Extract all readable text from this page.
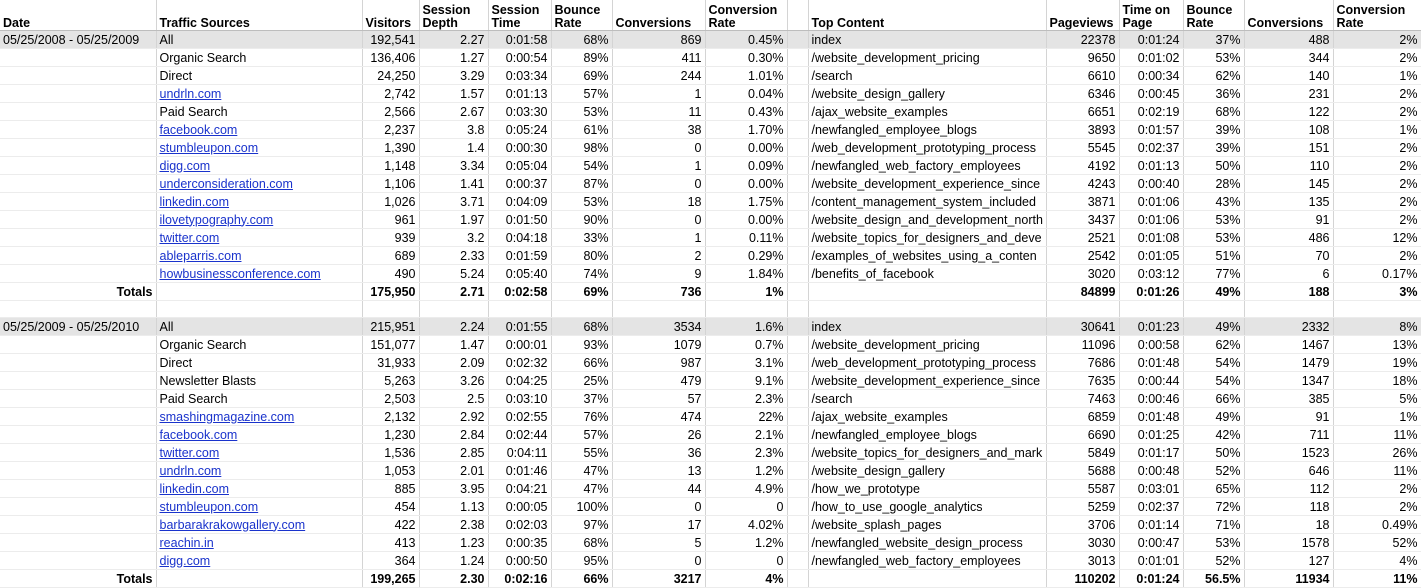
Date	Traffic Sources	Visitors	Session Depth	Session Time	Bounce Rate	Conversions	Conversion Rate		Top Content	Pageviews	Time on Page	Bounce Rate	Conversions	Conversion Rate
05/25/2008 - 05/25/2009	All	192,541	2.27	0:01:58	68%	869	0.45%		index	22378	0:01:24	37%	488	2%
	Organic Search	136,406	1.27	0:00:54	89%	411	0.30%		/website_development_pricing	9650	0:01:02	53%	344	2%
	Direct	24,250	3.29	0:03:34	69%	244	1.01%		/search	6610	0:00:34	62%	140	1%
	undrln.com	2,742	1.57	0:01:13	57%	1	0.04%		/website_design_gallery	6346	0:00:45	36%	231	2%
	Paid Search	2,566	2.67	0:03:30	53%	11	0.43%		/ajax_website_examples	6651	0:02:19	68%	122	2%
	facebook.com	2,237	3.8	0:05:24	61%	38	1.70%		/newfangled_employee_blogs	3893	0:01:57	39%	108	1%
	stumbleupon.com	1,390	1.4	0:00:30	98%	0	0.00%		/web_development_prototyping_process	5545	0:02:37	39%	151	2%
	digg.com	1,148	3.34	0:05:04	54%	1	0.09%		/newfangled_web_factory_employees	4192	0:01:13	50%	110	2%
	underconsideration.com	1,106	1.41	0:00:37	87%	0	0.00%		/website_development_experience_since	4243	0:00:40	28%	145	2%
	linkedin.com	1,026	3.71	0:04:09	53%	18	1.75%		/content_management_system_included	3871	0:01:06	43%	135	2%
	ilovetypography.com	961	1.97	0:01:50	90%	0	0.00%		/website_design_and_development_north	3437	0:01:06	53%	91	2%
	twitter.com	939	3.2	0:04:18	33%	1	0.11%		/website_topics_for_designers_and_deve	2521	0:01:08	53%	486	12%
	ableparris.com	689	2.33	0:01:59	80%	2	0.29%		/examples_of_websites_using_a_conten	2542	0:01:05	51%	70	2%
	howbusinessconference.com	490	5.24	0:05:40	74%	9	1.84%		/benefits_of_facebook	3020	0:03:12	77%	6	0.17%
Totals		175,950	2.71	0:02:58	69%	736	1%			84899	0:01:26	49%	188	3%

05/25/2009 - 05/25/2010	All	215,951	2.24	0:01:55	68%	3534	1.6%		index	30641	0:01:23	49%	2332	8%
	Organic Search	151,077	1.47	0:00:01	93%	1079	0.7%		/website_development_pricing	11096	0:00:58	62%	1467	13%
	Direct	31,933	2.09	0:02:32	66%	987	3.1%		/web_development_prototyping_process	7686	0:01:48	54%	1479	19%
	Newsletter Blasts	5,263	3.26	0:04:25	25%	479	9.1%		/website_development_experience_since	7635	0:00:44	54%	1347	18%
	Paid Search	2,503	2.5	0:03:10	37%	57	2.3%		/search	7463	0:00:46	66%	385	5%
	smashingmagazine.com	2,132	2.92	0:02:55	76%	474	22%		/ajax_website_examples	6859	0:01:48	49%	91	1%
	facebook.com	1,230	2.84	0:02:44	57%	26	2.1%		/newfangled_employee_blogs	6690	0:01:25	42%	711	11%
	twitter.com	1,536	2.85	0:04:11	55%	36	2.3%		/website_topics_for_designers_and_mark	5849	0:01:17	50%	1523	26%
	undrln.com	1,053	2.01	0:01:46	47%	13	1.2%		/website_design_gallery	5688	0:00:48	52%	646	11%
	linkedin.com	885	3.95	0:04:21	47%	44	4.9%		/how_we_prototype	5587	0:03:01	65%	112	2%
	stumbleupon.com	454	1.13	0:00:05	100%	0	0		/how_to_use_google_analytics	5259	0:02:37	72%	118	2%
	barbarakrakowgallery.com	422	2.38	0:02:03	97%	17	4.02%		/website_splash_pages	3706	0:01:14	71%	18	0.49%
	reachin.in	413	1.23	0:00:35	68%	5	1.2%		/newfangled_website_design_process	3030	0:00:47	53%	1578	52%
	digg.com	364	1.24	0:00:50	95%	0	0		/newfangled_web_factory_employees	3013	0:01:01	52%	127	4%
Totals		199,265	2.30	0:02:16	66%	3217	4%			110202	0:01:24	56.5%	11934	11%
